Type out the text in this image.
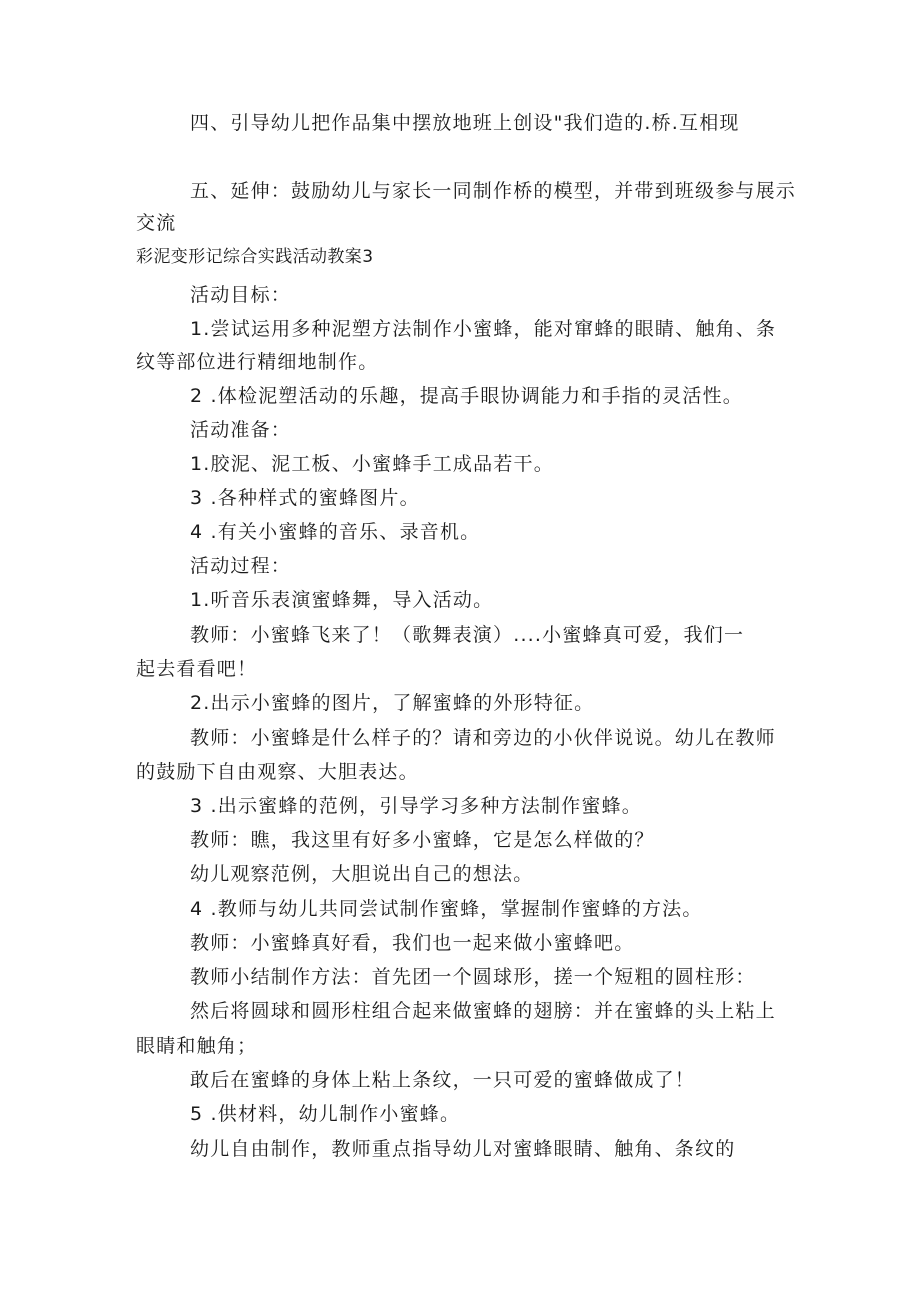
四、引导幼儿把作品集中摆放地班上创设"我们造的.桥.互相现

五、延伸：鼓励幼儿与家长一同制作桥的模型，并带到班级参与展示

交流

彩泥变形记综合实践活动教案3

活动目标：

1.尝试运用多种泥塑方法制作小蜜蜂，能对窜蜂的眼睛、触角、条

纹等部位进行精细地制作。

2 .体检泥塑活动的乐趣，提高手眼协调能力和手指的灵活性。

活动准备：

1.胶泥、泥工板、小蜜蜂手工成品若干。

3 .各种样式的蜜蜂图片。

4 .有关小蜜蜂的音乐、录音机。

活动过程：

1.听音乐表演蜜蜂舞，导入活动。

教师：小蜜蜂飞来了！（歌舞表演）....小蜜蜂真可爱，我们一

起去看看吧！

2.出示小蜜蜂的图片，了解蜜蜂的外形特征。

教师：小蜜蜂是什么样子的？请和旁边的小伙伴说说。幼儿在教师

的鼓励下自由观察、大胆表达。

3 .出示蜜蜂的范例，引导学习多种方法制作蜜蜂。

教师：瞧，我这里有好多小蜜蜂，它是怎么样做的？

幼儿观察范例，大胆说出自己的想法。

4 .教师与幼儿共同尝试制作蜜蜂，掌握制作蜜蜂的方法。

教师：小蜜蜂真好看，我们也一起来做小蜜蜂吧。

教师小结制作方法：首先团一个圆球形，搓一个短粗的圆柱形：

然后将圆球和圆形柱组合起来做蜜蜂的翅膀：并在蜜蜂的头上粘上

眼睛和触角；

敢后在蜜蜂的身体上粘上条纹，一只可爱的蜜蜂做成了！

5 .供材料，幼儿制作小蜜蜂。

幼儿自由制作，教师重点指导幼儿对蜜蜂眼睛、触角、条纹的
